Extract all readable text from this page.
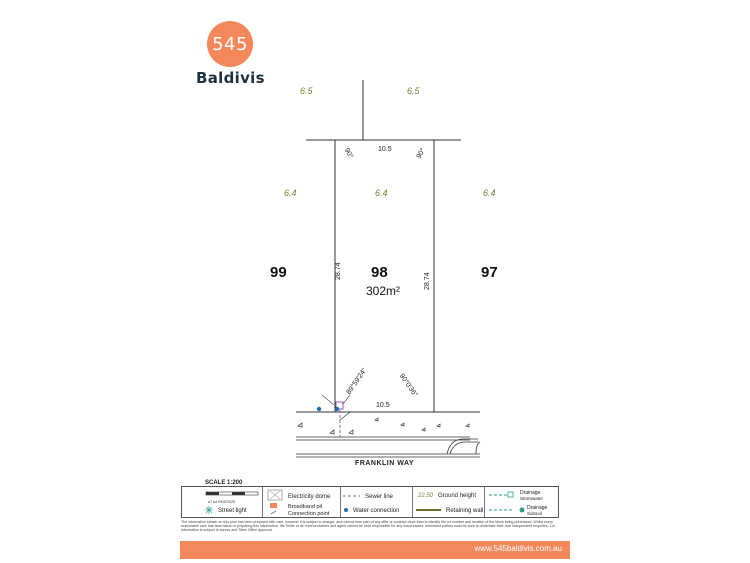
545
Baldivis
6.5	6.5
6.4	6.4	6.4
99	98
302m²
97
10.5
10.5
28.74
28.74
90°	90°
89°59'24"	90°0'36"
FRANKLIN WAY
SCALE 1:200
AT A4 PAGESIZE
Electricity dome	Sewer line	22.50 Ground height	Drainage
Stormwater
Street light
Broadband pit
Connection point	Water connection	Retaining wall	Drainage
Subsoil
The information shown on this plan has been prepared with care, however it is subject to change, and cannot form part of any offer or contract other than to identify the lot number and location of the block being purchased. Whilst every reasonable care has been taken in preparing this information, the Seller or its representatives and agent cannot be held responsible for any inaccuracies. Interested parties must be sure to undertake their own independent enquiries. Lot information is subject to survey and Titles Office approval.
www.545baldivis.com.au
